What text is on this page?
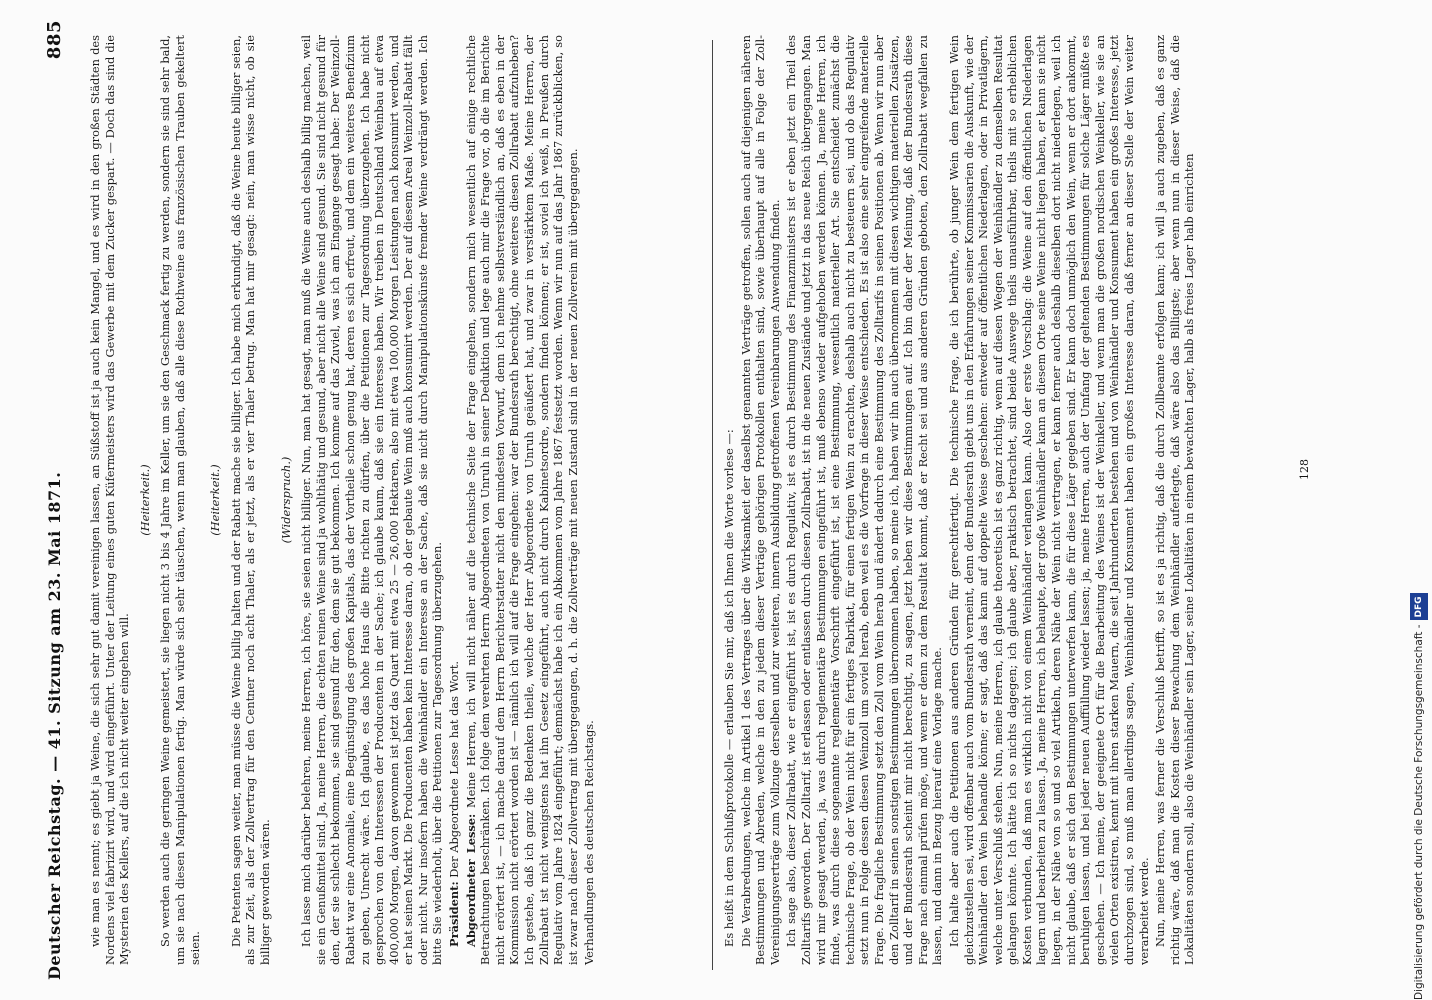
Deutscher Reichstag. — 41. Sitzung am 23. Mai 1871.
885 wie man es nennt; es giebt ja Weine, die sich sehr gut damit vereinigen lassen, an Süßstoff ist ja auch kein Mangel, und es wird in den großen Städten des Nordens viel fabrizirt wird, und wird eingeführt. Unter der Leitung eines guten Küfermeisters wird das Gewerbe mit dem Zucker gespart. — Doch das sind die Mysterien des Kellers, auf die ich nicht weiter eingehen will.

(Heiterkeit.) So werden auch die geringen Weine gemeistert, sie liegen nicht 3 bis 4 Jahre im Keller, um sie den Geschmack fertig zu werden, sondern sie sind sehr bald, um sie nach diesen Manipulationen fertig. Man würde sich sehr täuschen, wenn man glauben, daß alle diese Rothweine aus französischen Trauben gekeltert seien.

(Heiterkeit.) Die Petenten sagen weiter, man müsse die Weine billig halten und der Rabatt mache sie billiger. Ich habe mich erkundigt, daß die Weine heute billiger seien, als zur Zeit, als der Zollvertrag für den Centner noch acht Thaler, als er jetzt, als er vier Thaler betrug. Man hat mir gesagt: nein, man wisse nicht, ob sie billiger geworden wären.

(Widerspruch.) Ich lasse mich darüber belehren, meine Herren, ich höre, sie seien nicht billiger. Nun, man hat gesagt, man muß die Weine auch deshalb billig machen, weil sie ein Genußmittel sind. Ja, meine Herren, die echten reinen Weine sind ja wohlthätig und gesund, aber nicht alle Weine sind gesund. Sie sind nicht gesund für den, der sie schlecht bekommen, sie sind gesund für den, dem sie gut bekommen. Ich komme auf das Zuviel, was ich am Eingange gesagt habe: Der Weinzoll-Rabatt war eine Anomalie, eine Begünstigung des großen Kapitals, das der Vortheile schon genug hat, deren es sich erfreut, und dem ein weiteres Benefizium zu geben, Unrecht wäre. Ich glaube, es das hohe Haus die Bitte richten zu dürfen, über die Petitionen zur Tagesordnung überzugehen. Ich habe nicht gesprochen von den Interessen der Producenten in der Sache; ich glaube kaum, daß sie ein Interesse haben. Wir treiben in Deutschland Weinbau auf etwa 400,000 Morgen, davon gewonnen ist jetzt das Quart mit etwa 25 — 26,000 Hektaren, also mit etwa 100,000 Morgen Leistungen nach konsumirt werden, und er hat seinen Markt. Die Producenten haben kein Interesse daran, ob der gebaute Wein muß auch konsumirt werden. Der auf diesem Areal Weinzoll-Rabatt fällt oder nicht. Nur insofern haben die Weinhändler ein Interesse an der Sache, daß sie nicht durch Manipulationskünste fremder Weine verdrängt werden. Ich bitte Sie wiederholt, über die Petitionen zur Tagesordnung überzugehen. Präsident: Der Abgeordnete Lesse hat das Wort.

Abgeordneter Lesse: Meine Herren, ich will nicht näher auf die technische Seite der Frage eingehen, sondern mich wesentlich auf einige rechtliche Betrachtungen beschränken. Ich folge dem verehrten Herrn Abgeordneten von Unruh in seiner Deduktion und lege auch mir die Frage vor, ob die im Berichte nicht erörtert ist, — ich mache darauf dem Herrn Berichterstatter nicht den mindesten Vorwurf, denn ich nehme selbstverständlich an, daß es eben in der Kommission nicht erörtert worden ist — nämlich ich will auf die Frage eingehen: war der Bundesrath berechtigt, ohne weiteres diesen Zollrabatt aufzuheben? Ich gestehe, daß ich ganz die Bedenken theile, welche der Herr Abgeordnete von Unruh geäußert hat, und zwar in verstärktem Maße. Meine Herren, der Zollrabatt ist nicht wenigstens hat ihn Gesetz eingeführt, auch nicht durch Kabinetsordre, sondern finden können; er ist, soviel ich weiß, in Preußen durch Regulativ vom Jahre 1824 eingeführt; demnächst habe ich ein Abkommen vom Jahre 1867 festsetzt worden. Wenn wir nun auf das Jahr 1867 zurückblicken, so ist zwar nach dieser Zollvertrag mit übergegangen, d. h. die Zollverträge mit neuen Zustand sind in der neuen Zollverein mit übergegangen. Verhandlungen des deutschen Reichstags.	Es heißt in dem Schlußprotokolle — erlauben Sie mir, daß ich Ihnen die Worte vorlese —: Die Verabredungen, welche im Artikel 1 des Vertrages über die Wirksamkeit der daselbst genannten Verträge getroffen, sollen auch auf diejenigen näheren Bestimmungen und Abreden, welche in den zu jedem dieser Verträge gehörigen Protokollen enthalten sind, sowie überhaupt auf alle in Folge der Zoll-Vereinigungsverträge zum Vollzuge derselben und zur weiteren, innern Ausbildung getroffenen Vereinbarungen Anwendung finden. Ich sage also, dieser Zollrabatt, wie er eingeführt ist, ist es durch Regulativ, ist es durch Bestimmung des Finanzministers ist er eben jetzt ein Theil des Zolltarifs geworden. Der Zolltarif, ist erlassen oder entlassen durch diesen Zollrabatt, ist in die neuen Zustände und jetzt in das neue Reich übergegangen. Man wird mir gesagt werden, ja, was durch reglementäre Bestimmungen eingeführt ist, muß ebenso wieder aufgehoben werden können. Ja, meine Herren, ich finde, was durch diese sogenannte reglementäre Vorschrift eingeführt ist, ist eine Bestimmung, wesentlich materieller Art. Sie entscheidet zunächst die technische Frage, ob der Wein nicht für ein fertiges Fabrikat, für einen fertigen Wein zu erachten, deshalb auch nicht zu besteuern sei, und ob das Regulativ setzt nun in Folge dessen diesen Weinzoll um soviel herab, eben weil es die Vorfrage in dieser Weise entschieden. Es ist also eine sehr eingreifende materielle Frage. Die fragliche Bestimmung setzt den Zoll vom Wein herab und ändert dadurch eine Bestimmung des Zolltarifs in seinen Positionen ab. Wenn wir nun aber den Zolltarif in seinen sonstigen Bestimmungen übernommen haben, so meine ich, haben wir ihn auch übernommen mit diesen wichtigen materiellen Zusätzen, und der Bundesrath scheint mir nicht berechtigt, zu sagen, jetzt heben wir diese Bestimmungen auf. Ich bin daher der Meinung, daß der Bundesrath diese Frage nach einmal prüfen möge, und wenn er denn zu dem Resultat kommt, daß er Recht sei und aus anderen Gründen geboten, den Zollrabatt wegfallen zu lassen, und dann in Bezug hierauf eine Vorlage mache. Ich halte aber auch die Petitionen aus anderen Gründen für gerechtfertigt. Die technische Frage, die ich berührte, ob junger Wein dem fertigen Wein gleichzustellen sei, wird offenbar auch vom Bundesrath verneint, denn der Bundesrath giebt uns in den Erfahrungen seiner Kommissarien die Auskunft, wie der Weinhändler den Wein behandle könne; er sagt, daß das kann auf doppelte Weise geschehen: entweder auf öffentlichen Niederlagen, oder in Privatlägern, welche unter Verschluß stehen. Nun, meine Herren, ich glaube theoretisch ist es ganz richtig, wenn auf diesen Wegen der Weinhändler zu demselben Resultat gelangen könnte. Ich hätte ich so nichts dagegen; ich glaube aber, praktisch betrachtet, sind beide Auswege theils unausführbar, theils mit so erheblichen Kosten verbunden, daß man es wirklich nicht von einem Weinhändler verlangen kann. Also der erste Vorschlag: die Weine auf den öffentlichen Niederlagen lagern und bearbeiten zu lassen. Ja, meine Herren, ich behaupte, der große Weinhändler kann an diesem Orte seine Weine nicht liegen haben, er kann sie nicht liegen, in der Nähe von so und so viel Artikeln, deren Nähe der Wein nicht vertragen, er kann ferner auch deshalb dieselben dort nicht niederlegen, weil ich nicht glaube, daß er sich den Bestimmungen unterwerfen kann, die für diese Läger gegeben sind. Er kann doch unmöglich den Wein, wenn er dort ankommt, beruhigen lassen, und bei jeder neuen Auffüllung wieder lassen; ja, meine Herren, auch der Umfang der geltenden Bestimmungen für solche Läger müßte es geschehen. — Ich meine, der geeignete Ort für die Bearbeitung des Weines ist der Weinkeller, und wenn man die großen nordischen Weinkeller, wie sie an vielen Orten existiren, kennt mit ihren starken Mauern, die seit Jahrhunderten bestehen und von Weinhändler und Konsument haben ein großes Interesse, jetzt durchzogen sind, so muß man allerdings sagen, Weinhändler und Konsument haben ein großes Interesse daran, daß ferner an dieser Stelle der Wein weiter verarbeitet werde. Nun, meine Herren, was ferner die Verschluß betrifft, so ist es ja richtig, daß die durch Zollbeamte erfolgen kann; ich will ja auch zugeben, daß es ganz richtig wäre, daß man die Kosten dieser Bewachung dem Weinhändler auferlegte, daß wäre also das Billigste; aber wenn nun in dieser Weise, daß die Lokalitäten sondern soll, also die Weinhändler sein Lager, seine Lokalitäten in einem bewachten Lager, halb als freies Lager halb einrichten	128
Digitalisierung gefördert durch die Deutsche Forschungsgemeinschaft -
DFG
